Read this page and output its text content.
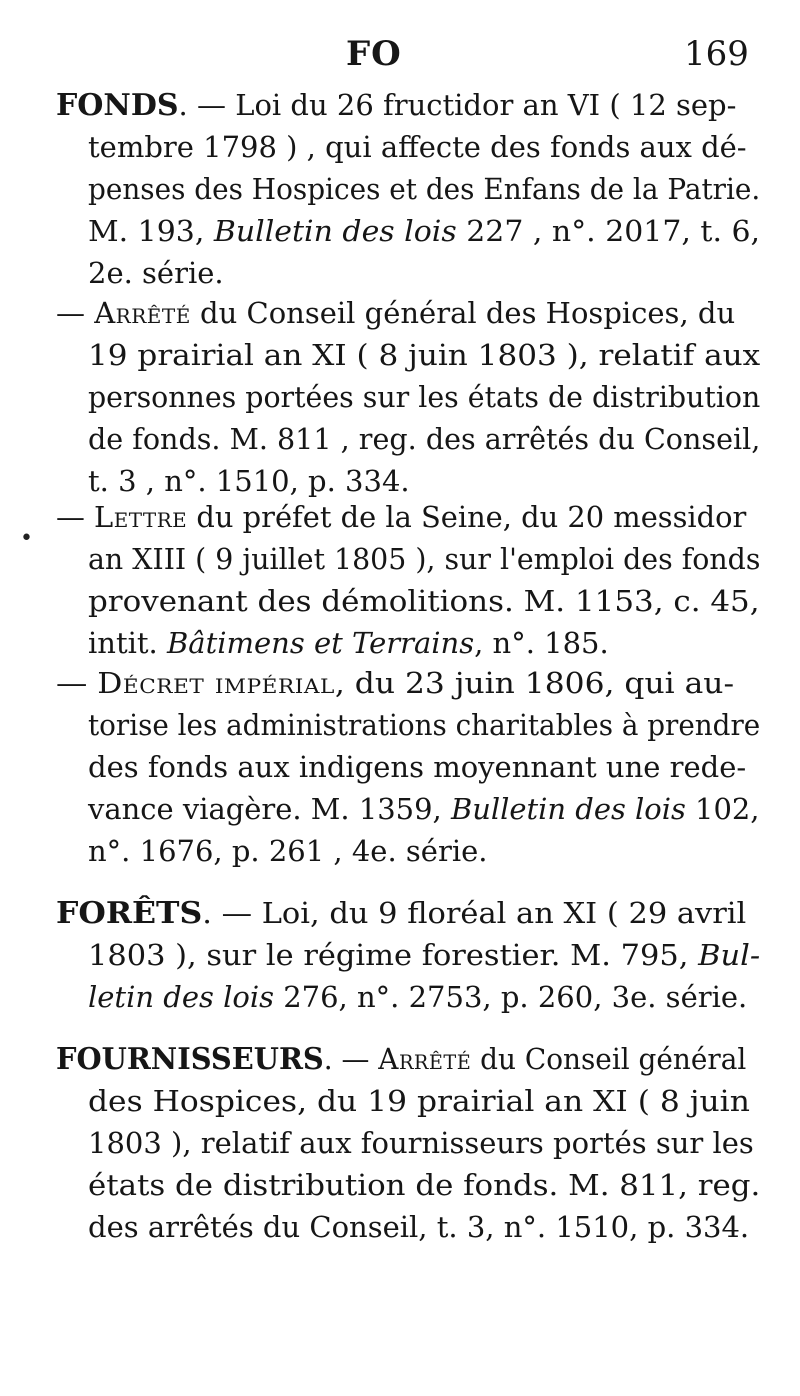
FO	169
FONDS. — Loi du 26 fructidor an VI ( 12 sep-
tembre 1798 ) , qui affecte des fonds aux dé-
penses des Hospices et des Enfans de la Patrie.
M. 193, Bulletin des lois 227 , n°. 2017, t. 6,
2e. série.
— Arrêté du Conseil général des Hospices, du
19 prairial an XI ( 8 juin 1803 ), relatif aux
personnes portées sur les états de distribution
de fonds. M. 811 , reg. des arrêtés du Conseil,
t. 3 , n°. 1510, p. 334.
— Lettre du préfet de la Seine, du 20 messidor
an XIII ( 9 juillet 1805 ), sur l'emploi des fonds
provenant des démolitions. M. 1153, c. 45,
intit. Bâtimens et Terrains, n°. 185.
— Décret impérial, du 23 juin 1806, qui au-
torise les administrations charitables à prendre
des fonds aux indigens moyennant une rede-
vance viagère. M. 1359, Bulletin des lois 102,
n°. 1676, p. 261 , 4e. série.
FORÊTS. — Loi, du 9 floréal an XI ( 29 avril
1803 ), sur le régime forestier. M. 795, Bul-
letin des lois 276, n°. 2753, p. 260, 3e. série.
FOURNISSEURS. — Arrêté du Conseil général
des Hospices, du 19 prairial an XI ( 8 juin
1803 ), relatif aux fournisseurs portés sur les
états de distribution de fonds. M. 811, reg.
des arrêtés du Conseil, t. 3, n°. 1510, p. 334.
•
